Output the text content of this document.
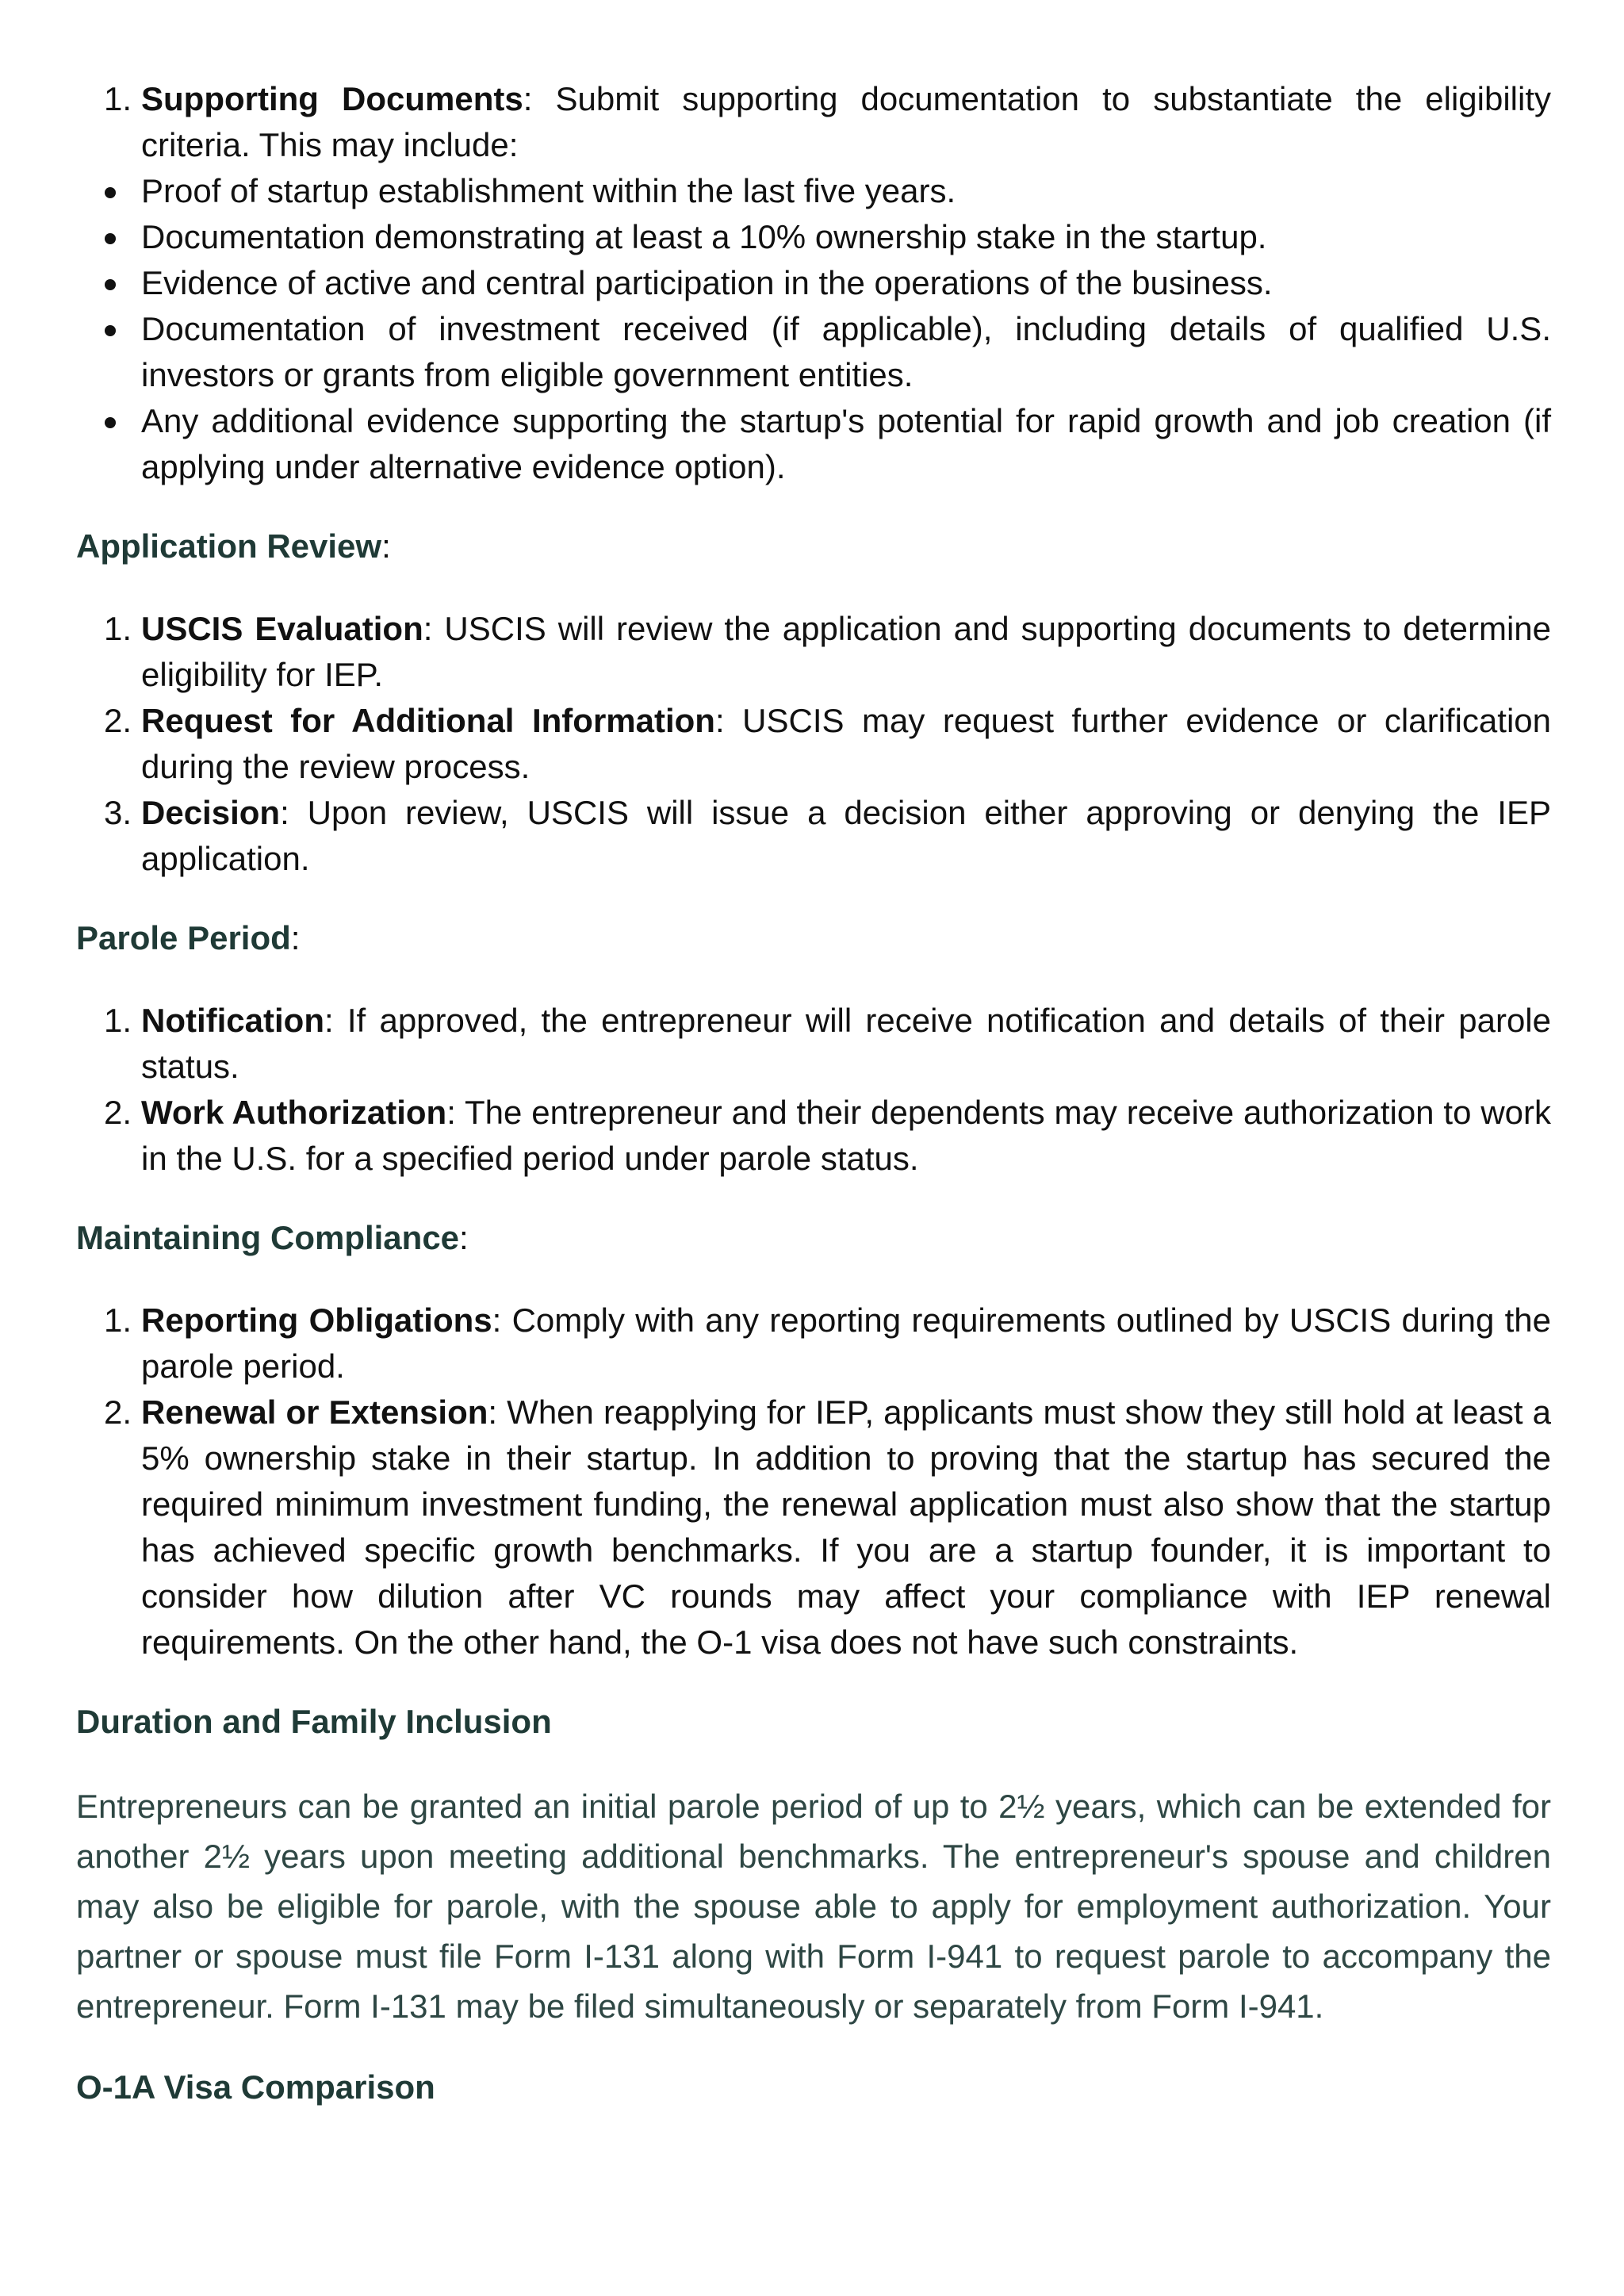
1. Supporting Documents: Submit supporting documentation to substantiate the eligibility criteria. This may include:
Proof of startup establishment within the last five years.
Documentation demonstrating at least a 10% ownership stake in the startup.
Evidence of active and central participation in the operations of the business.
Documentation of investment received (if applicable), including details of qualified U.S. investors or grants from eligible government entities.
Any additional evidence supporting the startup's potential for rapid growth and job creation (if applying under alternative evidence option).
Application Review:
1. USCIS Evaluation: USCIS will review the application and supporting documents to determine eligibility for IEP.
2. Request for Additional Information: USCIS may request further evidence or clarification during the review process.
3. Decision: Upon review, USCIS will issue a decision either approving or denying the IEP application.
Parole Period:
1. Notification: If approved, the entrepreneur will receive notification and details of their parole status.
2. Work Authorization: The entrepreneur and their dependents may receive authorization to work in the U.S. for a specified period under parole status.
Maintaining Compliance:
1. Reporting Obligations: Comply with any reporting requirements outlined by USCIS during the parole period.
2. Renewal or Extension: When reapplying for IEP, applicants must show they still hold at least a 5% ownership stake in their startup. In addition to proving that the startup has secured the required minimum investment funding, the renewal application must also show that the startup has achieved specific growth benchmarks. If you are a startup founder, it is important to consider how dilution after VC rounds may affect your compliance with IEP renewal requirements. On the other hand, the O-1 visa does not have such constraints.
Duration and Family Inclusion

Entrepreneurs can be granted an initial parole period of up to 2½ years, which can be extended for another 2½ years upon meeting additional benchmarks. The entrepreneur's spouse and children may also be eligible for parole, with the spouse able to apply for employment authorization. Your partner or spouse must file Form I-131 along with Form I-941 to request parole to accompany the entrepreneur. Form I-131 may be filed simultaneously or separately from Form I-941.

O-1A Visa Comparison
